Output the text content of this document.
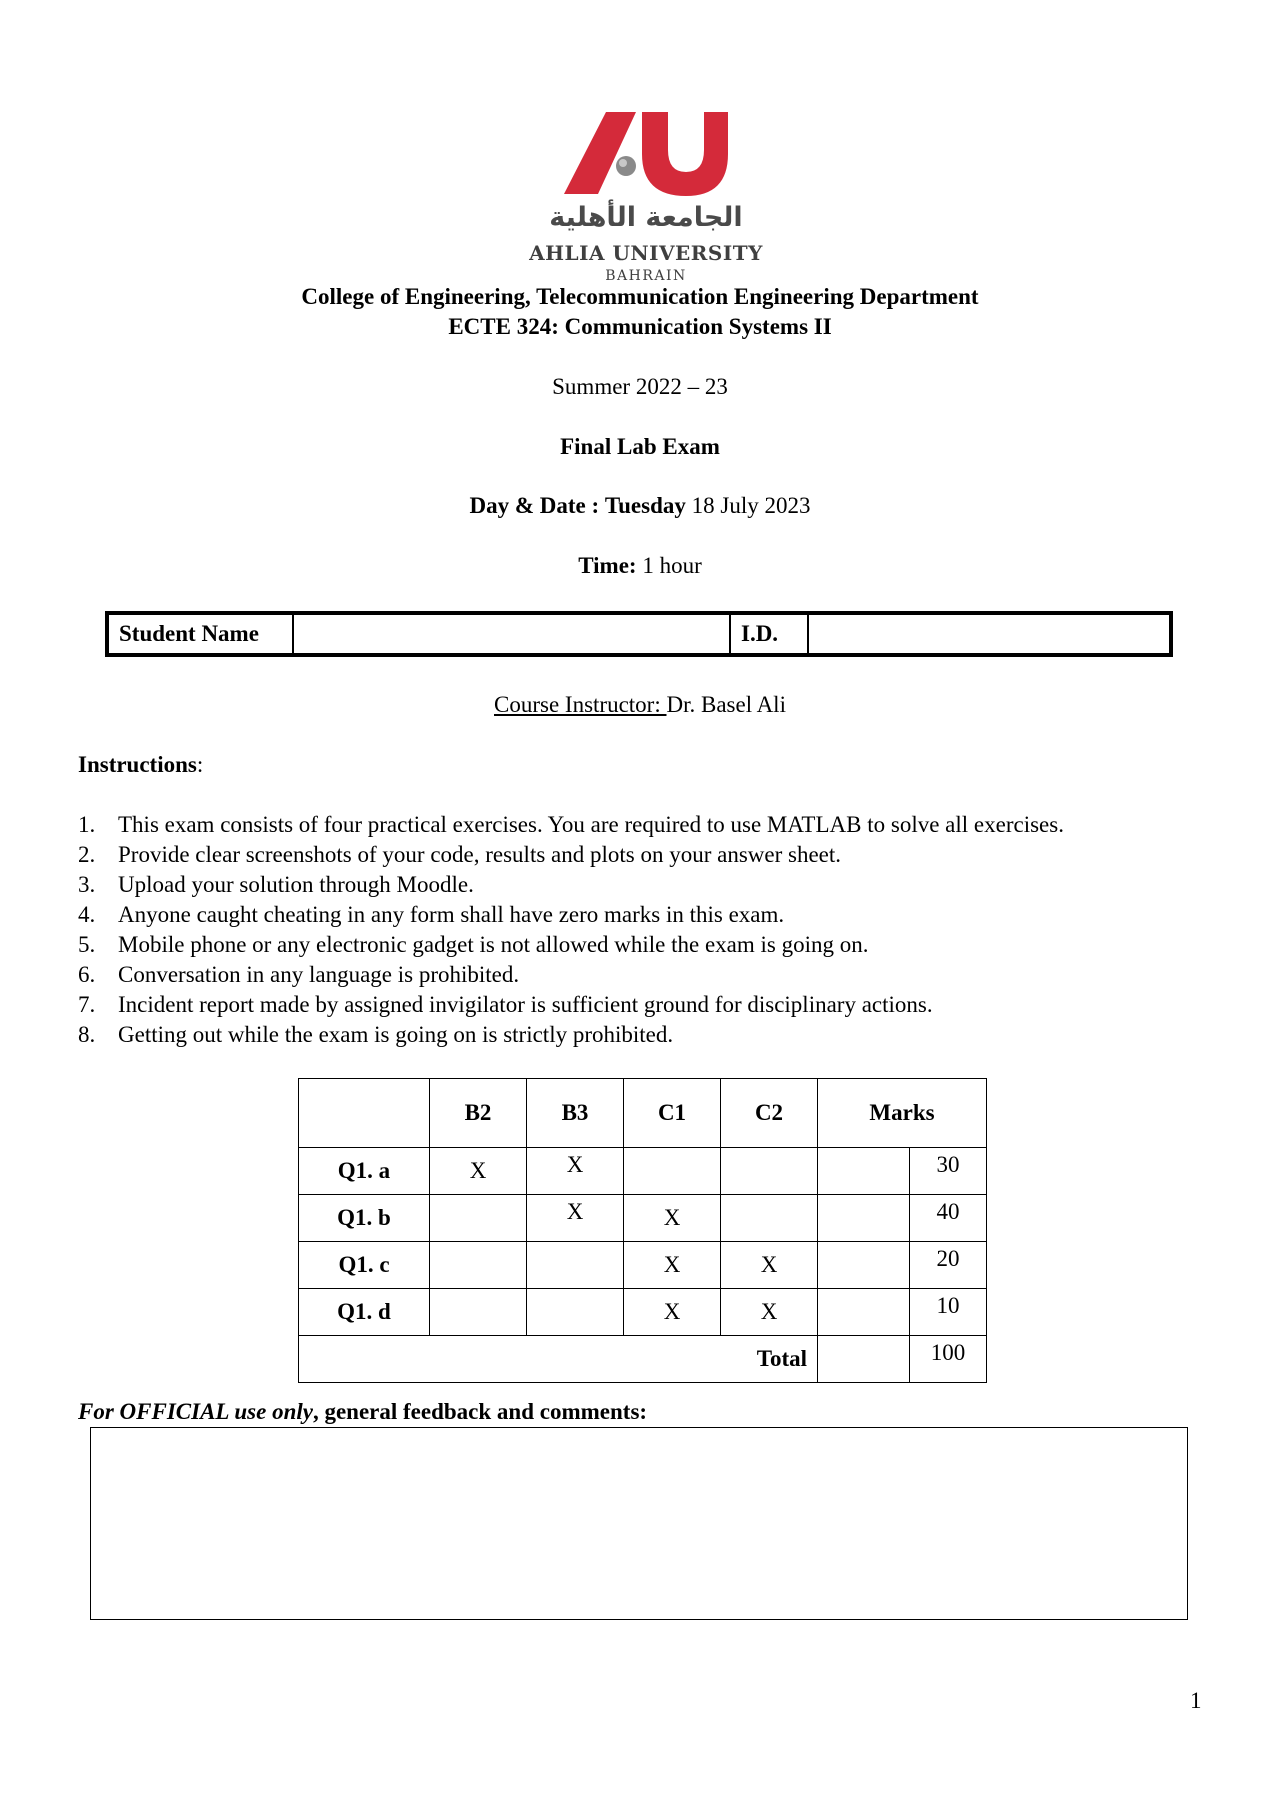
الجامعة الأهلية
AHLIA UNIVERSITY
BAHRAIN
College of Engineering, Telecommunication Engineering Department
ECTE 324: Communication Systems II
Summer 2022 – 23
Final Lab Exam
Day & Date : Tuesday 18 July 2023
Time: 1 hour
Student Name		I.D.	
Course Instructor: Dr. Basel Ali
Instructions:
1. This exam consists of four practical exercises. You are required to use MATLAB to solve all exercises.
2. Provide clear screenshots of your code, results and plots on your answer sheet.
3. Upload your solution through Moodle.
4. Anyone caught cheating in any form shall have zero marks in this exam.
5. Mobile phone or any electronic gadget is not allowed while the exam is going on.
6. Conversation in any language is prohibited.
7. Incident report made by assigned invigilator is sufficient ground for disciplinary actions.
8. Getting out while the exam is going on is strictly prohibited.
	B2	B3	C1	C2	Marks	
Q1. a	X	X				30
Q1. b		X	X			40
Q1. c			X	X		20
Q1. d			X	X		10
Total						100
For OFFICIAL use only, general feedback and comments:
1
